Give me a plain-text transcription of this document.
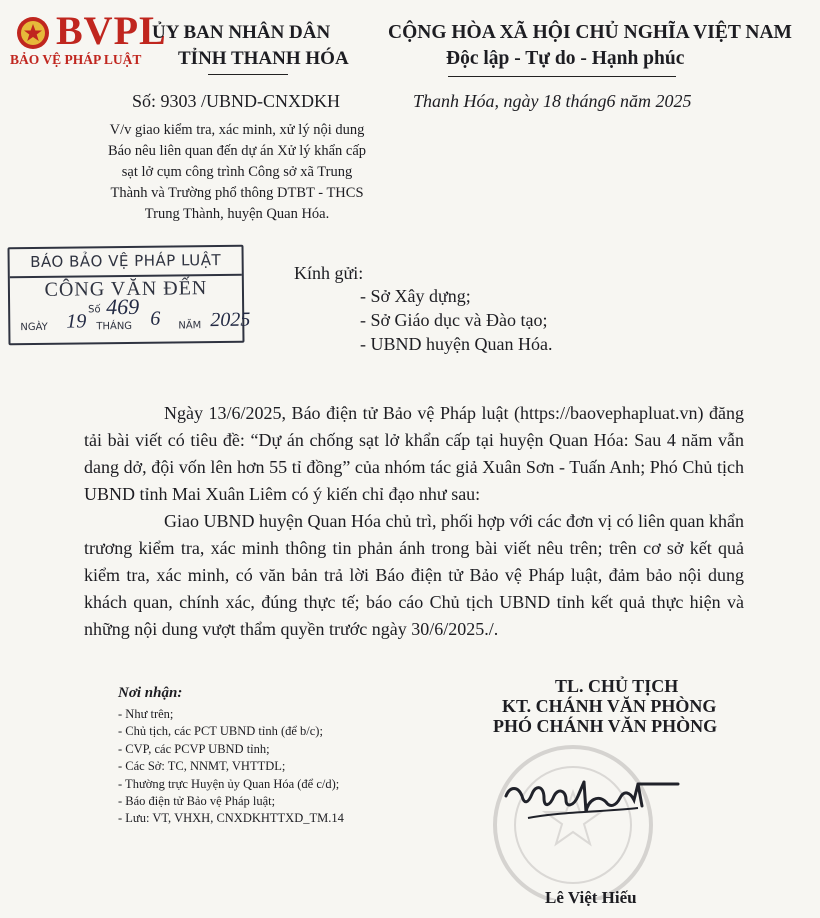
BVPL
BẢO VỆ PHÁP LUẬT
ỦY BAN NHÂN DÂN
TỈNH THANH HÓA
CỘNG HÒA XÃ HỘI CHỦ NGHĨA VIỆT NAM
Độc lập - Tự do - Hạnh phúc
Số: 9303 /UBND-CNXDKH	Thanh Hóa, ngày 18 tháng6 năm 2025
V/v giao kiểm tra, xác minh, xử lý nội dung Báo nêu liên quan đến dự án Xử lý khẩn cấp sạt lở cụm công trình Công sở xã Trung Thành và Trường phổ thông DTBT - THCS Trung Thành, huyện Quan Hóa.
BÁO BẢO VỆ PHÁP LUẬT
CÔNG VĂN ĐẾN
Số 469
NGÀY 19 THÁNG 6 NĂM 2025
Kính gửi:
- Sở Xây dựng;
- Sở Giáo dục và Đào tạo;
- UBND huyện Quan Hóa.
Ngày 13/6/2025, Báo điện tử Bảo vệ Pháp luật (https://baovephapluat.vn) đăng tải bài viết có tiêu đề: “Dự án chống sạt lở khẩn cấp tại huyện Quan Hóa: Sau 4 năm vẫn dang dở, đội vốn lên hơn 55 tỉ đồng” của nhóm tác giả Xuân Sơn - Tuấn Anh; Phó Chủ tịch UBND tỉnh Mai Xuân Liêm có ý kiến chỉ đạo như sau:
Giao UBND huyện Quan Hóa chủ trì, phối hợp với các đơn vị có liên quan khẩn trương kiểm tra, xác minh thông tin phản ánh trong bài viết nêu trên; trên cơ sở kết quả kiểm tra, xác minh, có văn bản trả lời Báo điện tử Bảo vệ Pháp luật, đảm bảo nội dung khách quan, chính xác, đúng thực tế; báo cáo Chủ tịch UBND tỉnh kết quả thực hiện và những nội dung vượt thẩm quyền trước ngày 30/6/2025./.
Nơi nhận:
- Như trên;
- Chủ tịch, các PCT UBND tỉnh (để b/c);
- CVP, các PCVP UBND tỉnh;
- Các Sở: TC, NNMT, VHTTDL;
- Thường trực Huyện ủy Quan Hóa (để c/d);
- Báo điện tử Bảo vệ Pháp luật;
- Lưu: VT, VHXH, CNXDKHTTXD_TM.14
TL. CHỦ TỊCH
KT. CHÁNH VĂN PHÒNG
PHÓ CHÁNH VĂN PHÒNG
Lê Việt Hiếu
